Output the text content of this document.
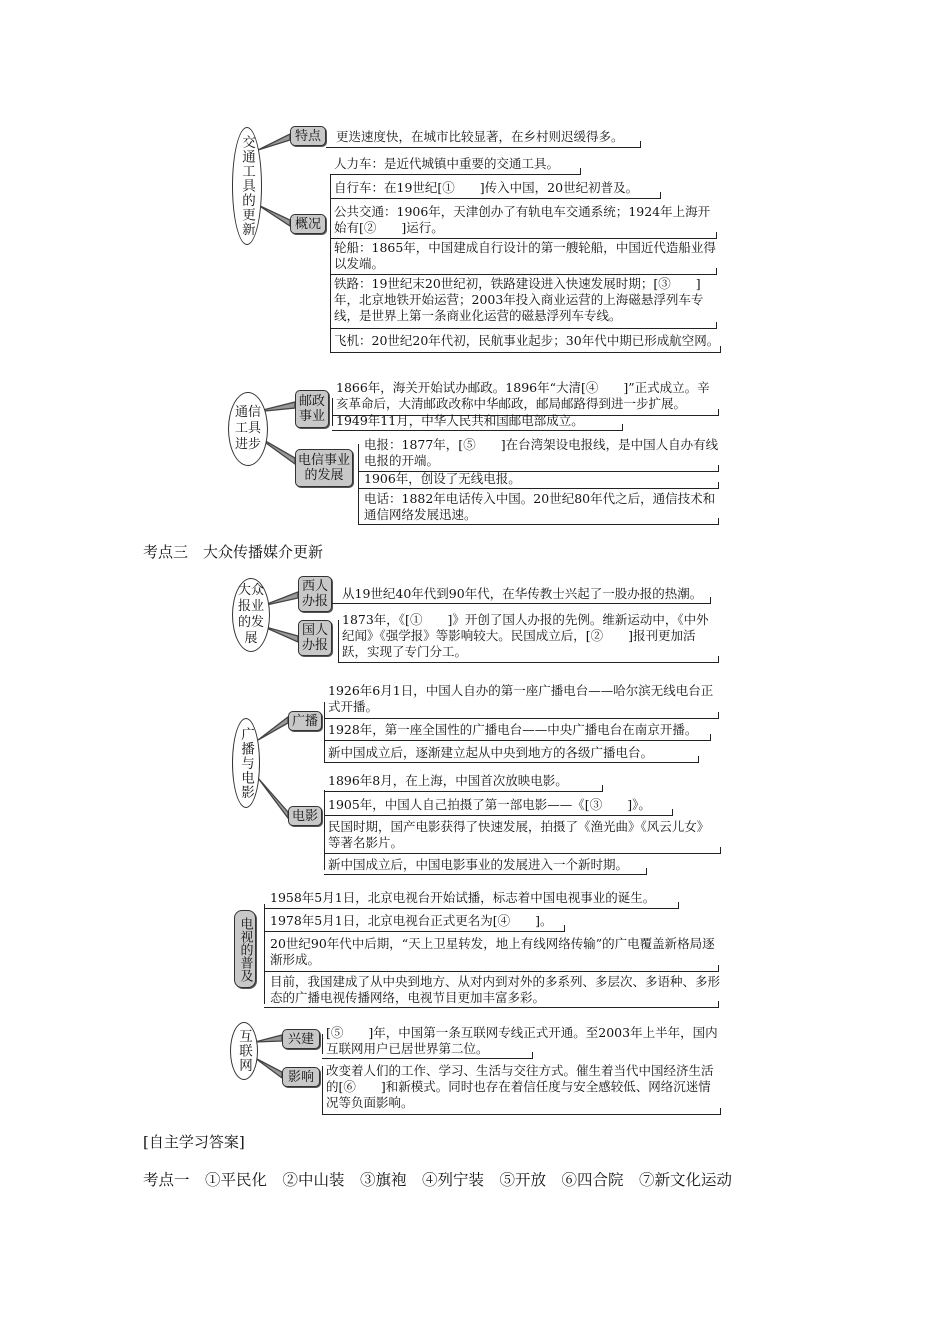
交通工具的更新	特点	更迭速度快，在城市比较显著，在乡村则迟缓得多。
概况
人力车：是近代城镇中重要的交通工具。
自行车：在19世纪[①　　]传入中国，20世纪初普及。
公共交通：1906年，天津创办了有轨电车交通系统；1924年上海开始有[②　　]运行。
轮船：1865年，中国建成自行设计的第一艘轮船，中国近代造船业得以发端。
铁路：19世纪末20世纪初，铁路建设进入快速发展时期；[③　　]年，北京地铁开始运营；2003年投入商业运营的上海磁悬浮列车专线，是世界上第一条商业化运营的磁悬浮列车专线。
飞机：20世纪20年代初，民航事业起步；30年代中期已形成航空网。
通信工具进步
邮政事业
1866年，海关开始试办邮政。1896年“大清[④　　]”正式成立。辛亥革命后，大清邮政改称中华邮政，邮局邮路得到进一步扩展。
1949年11月，中华人民共和国邮电部成立。
电信事业的发展
电报：1877年，[⑤　　]在台湾架设电报线，是中国人自办有线电报的开端。
1906年，创设了无线电报。
电话：1882年电话传入中国。20世纪80年代之后，通信技术和通信网络发展迅速。
考点三　大众传播媒介更新
大众报业的发展
西人办报
从19世纪40年代到90年代，在华传教士兴起了一股办报的热潮。
国人办报
1873年，《[①　　]》开创了国人办报的先例。维新运动中，《中外纪闻》《强学报》等影响较大。民国成立后，[②　　]报刊更加活跃，实现了专门分工。
广播与电影
广播
1926年6月1日，中国人自办的第一座广播电台——哈尔滨无线电台正式开播。
1928年，第一座全国性的广播电台——中央广播电台在南京开播。
新中国成立后，逐渐建立起从中央到地方的各级广播电台。
电影
1896年8月，在上海，中国首次放映电影。
1905年，中国人自己拍摄了第一部电影——《[③　　]》。
民国时期，国产电影获得了快速发展，拍摄了《渔光曲》《风云儿女》等著名影片。
新中国成立后，中国电影事业的发展进入一个新时期。
电视的普及
1958年5月1日，北京电视台开始试播，标志着中国电视事业的诞生。
1978年5月1日，北京电视台正式更名为[④　　]。
20世纪90年代中后期，“天上卫星转发，地上有线网络传输”的广电覆盖新格局逐渐形成。
目前，我国建成了从中央到地方、从对内到对外的多系列、多层次、多语种、多形态的广播电视传播网络，电视节目更加丰富多彩。
互联网	兴建 [⑤　　]年，中国第一条互联网专线正式开通。至2003年上半年，国内互联网用户已居世界第二位。
影响 改变着人们的工作、学习、生活与交往方式。催生着当代中国经济生活的[⑥　　]和新模式。同时也存在着信任度与安全感较低、网络沉迷情况等负面影响。
[自主学习答案]
考点一　①平民化　②中山装　③旗袍　④列宁装　⑤开放　⑥四合院　⑦新文化运动
